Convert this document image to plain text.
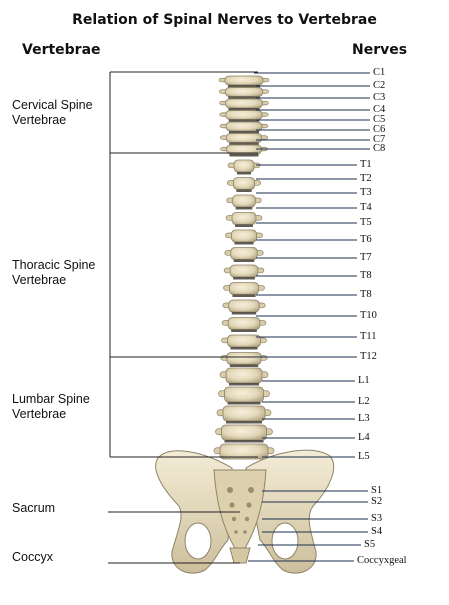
Relation of Spinal Nerves to Vertebrae
Vertebrae	Nerves
Cervical Spine
Vertebrae
Thoracic Spine
Vertebrae
Lumbar Spine
Vertebrae
Sacrum
Coccyx
C1
C2
C3
C4
C5
C6
C7
C8
T1
T2
T3
T4
T5
T6
T7
T8
T8
T10
T11
T12
L1
L2
L3
L4
L5
S1
S2
S3
S4
S5
Coccyxgeal
